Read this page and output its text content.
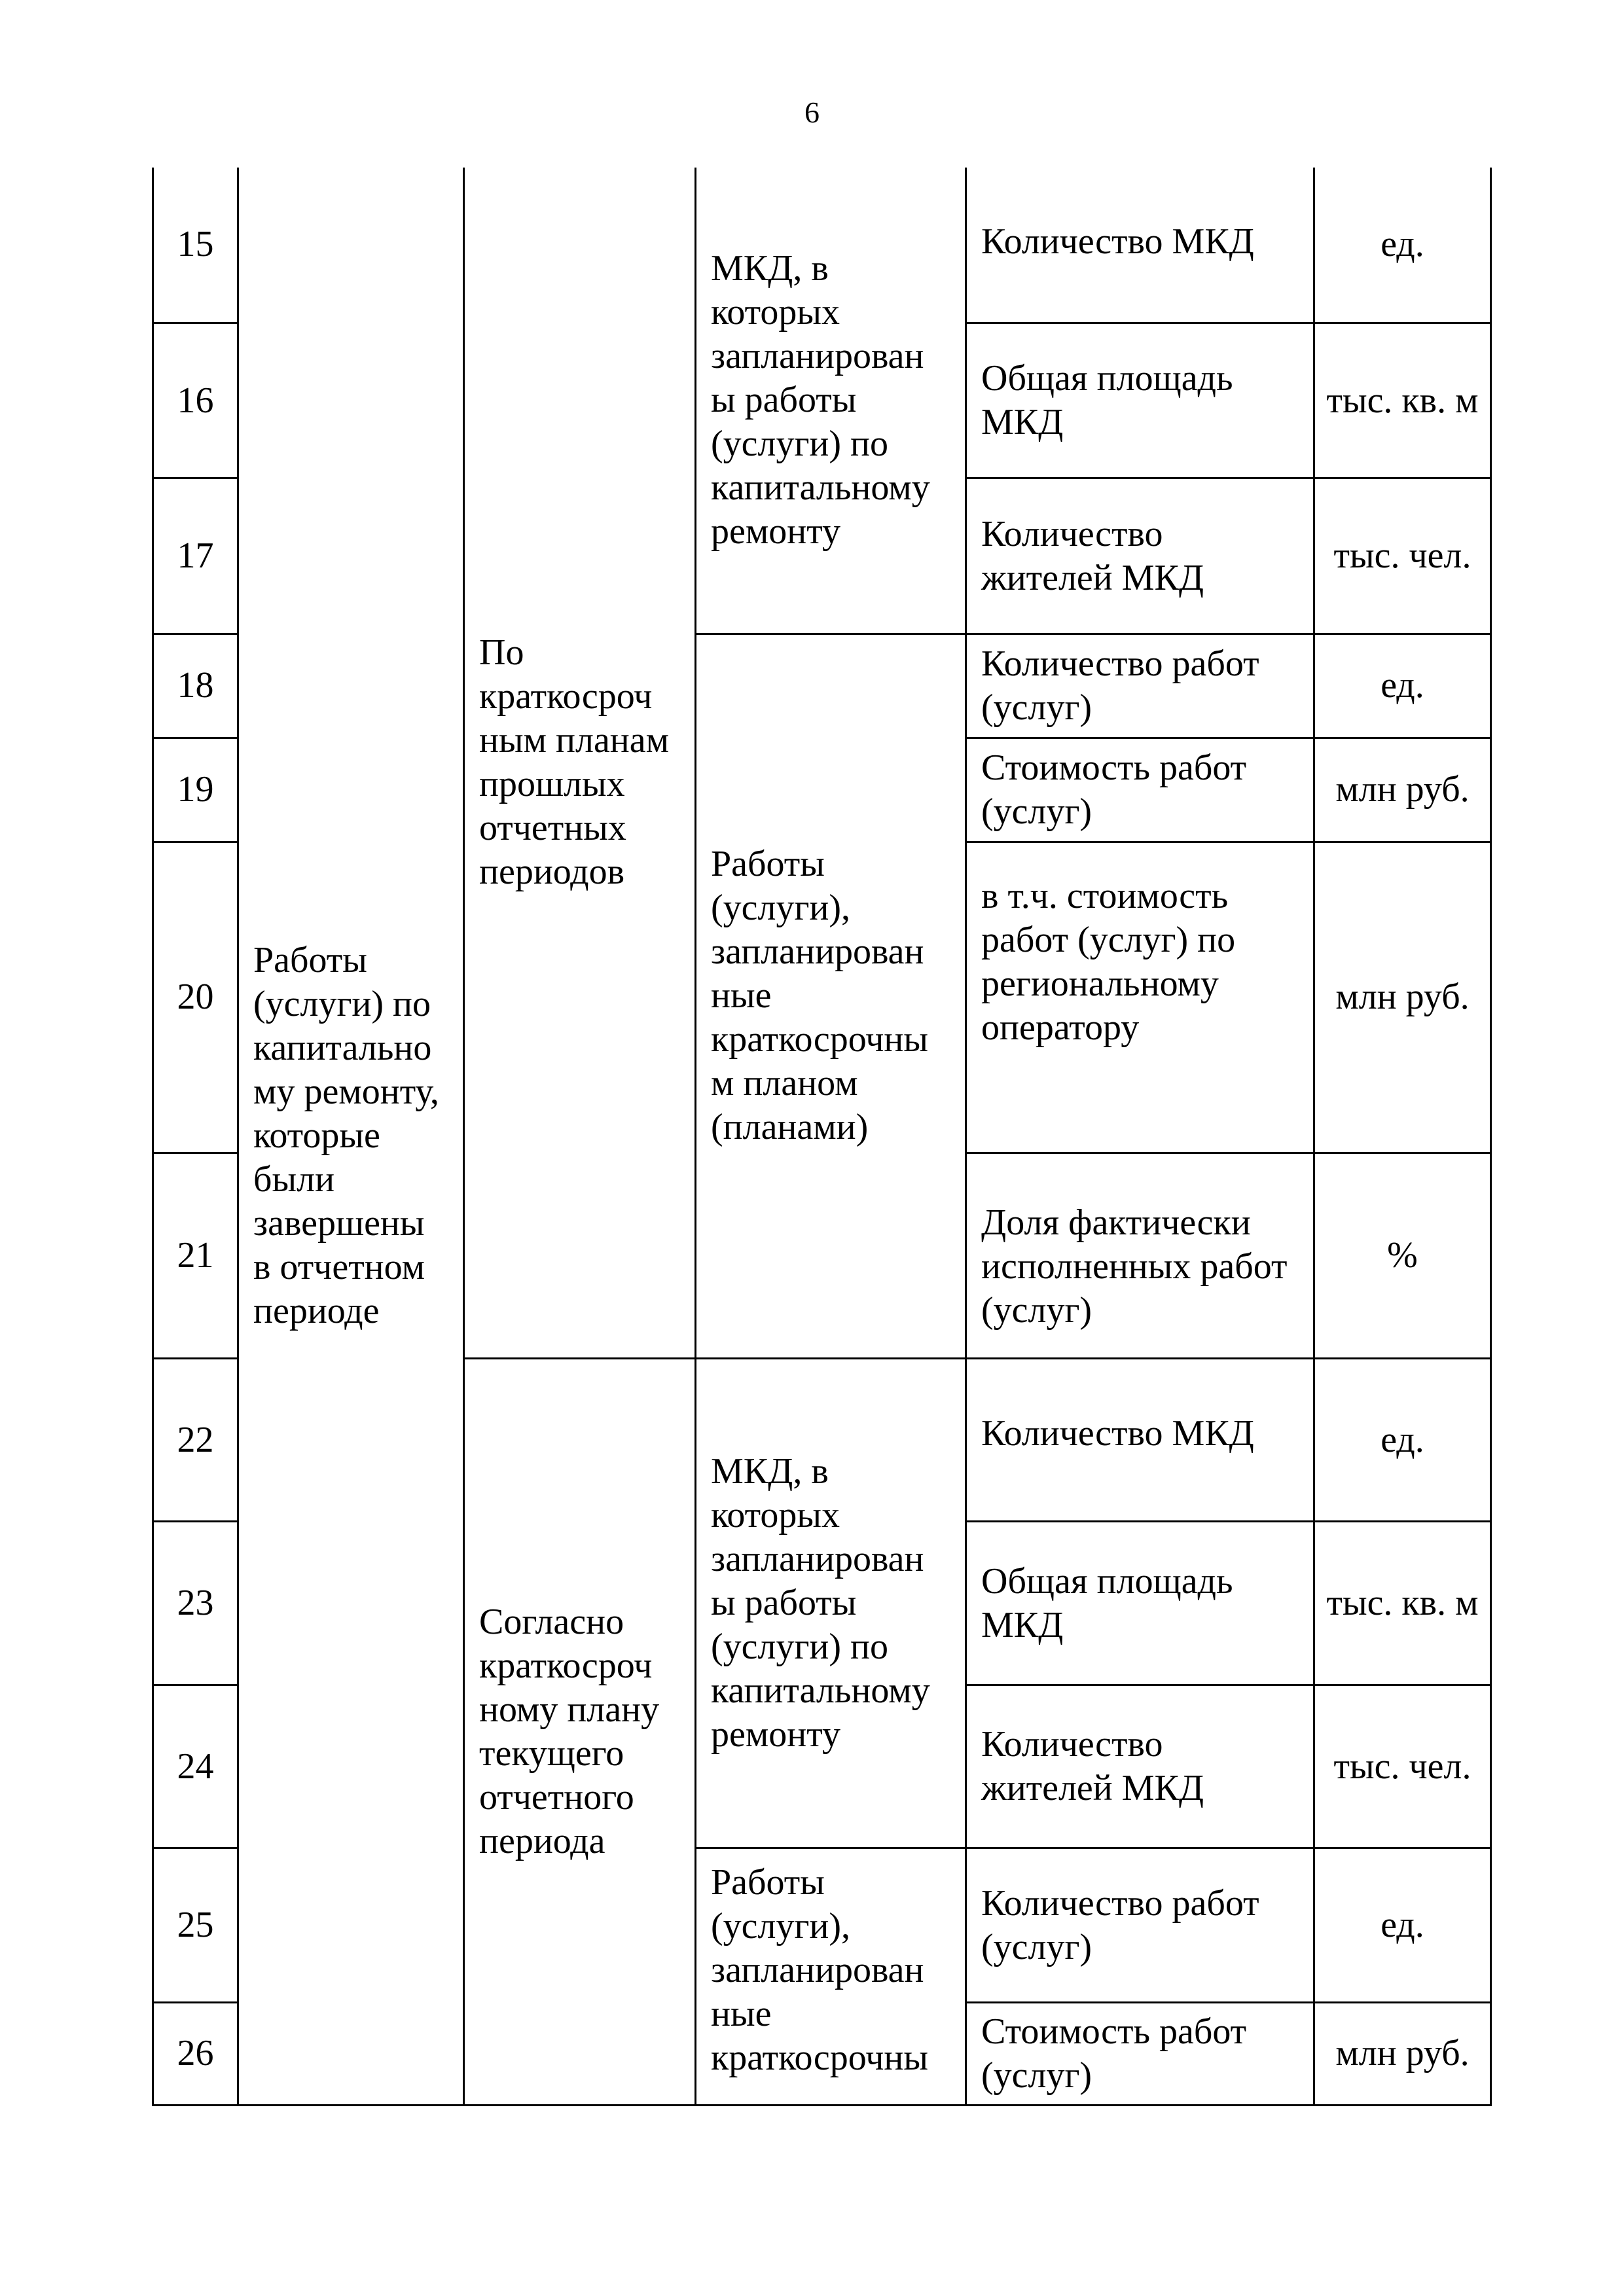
6
15	Работы (услуги) по капитально му ремонту, которые были завершены в отчетном периоде	По краткосроч ным планам прошлых отчетных периодов	МКД, в которых запланирован ы работы (услуги) по капитальному ремонту	Количество МКД	ед.
16				Общая площадь МКД	тыс. кв. м
17				Количество жителей МКД	тыс. чел.
18			Работы (услуги), запланирован ные краткосрочны м планом (планами)	Количество работ (услуг)	ед.
19				Стоимость работ (услуг)	млн руб.
20				в т.ч. стоимость работ (услуг) по региональному оператору	млн руб.
21				Доля фактически исполненных работ (услуг)	%
22		Согласно краткосроч ному плану текущего отчетного периода	МКД, в которых запланирован ы работы (услуги) по капитальному ремонту	Количество МКД	ед.
23				Общая площадь МКД	тыс. кв. м
24				Количество жителей МКД	тыс. чел.
25			Работы (услуги), запланирован ные краткосрочны	Количество работ (услуг)	ед.
26				Стоимость работ (услуг)	млн руб.
